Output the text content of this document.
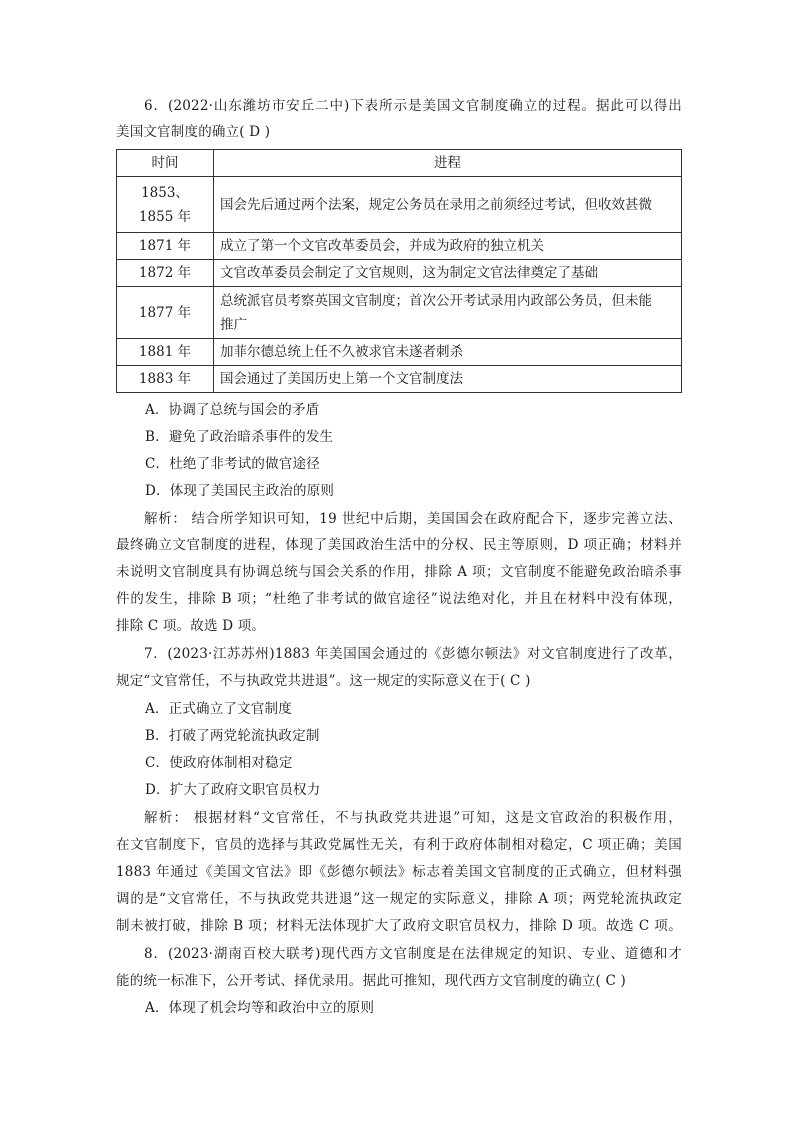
6．(2022·山东潍坊市安丘二中)下表所示是美国文官制度确立的过程。据此可以得出
美国文官制度的确立( D )
时间	进程

1853、
1855 年	国会先后通过两个法案，规定公务员在录用之前须经过考试，但收效甚微
1871 年	成立了第一个文官改革委员会，并成为政府的独立机关
1872 年	文官改革委员会制定了文官规则，这为制定文官法律奠定了基础
1877 年	总统派官员考察英国文官制度；首次公开考试录用内政部公务员，但未能
推广

1881 年	加菲尔德总统上任不久被求官未遂者刺杀
1883 年	国会通过了美国历史上第一个文官制度法
A．协调了总统与国会的矛盾
B．避免了政治暗杀事件的发生
C．杜绝了非考试的做官途径
D．体现了美国民主政治的原则
解析： 结合所学知识可知，19 世纪中后期，美国国会在政府配合下，逐步完善立法、
最终确立文官制度的进程，体现了美国政治生活中的分权、民主等原则，D 项正确；材料并
未说明文官制度具有协调总统与国会关系的作用，排除 A 项；文官制度不能避免政治暗杀事
件的发生，排除 B 项；“杜绝了非考试的做官途径”说法绝对化，并且在材料中没有体现，
排除 C 项。故选 D 项。
7．(2023·江苏苏州)1883 年美国国会通过的《彭德尔顿法》对文官制度进行了改革，
规定“文官常任，不与执政党共进退”。这一规定的实际意义在于( C )
A．正式确立了文官制度
B．打破了两党轮流执政定制
C．使政府体制相对稳定
D．扩大了政府文职官员权力
解析： 根据材料“文官常任，不与执政党共进退”可知，这是文官政治的积极作用，
在文官制度下，官员的选择与其政党属性无关，有利于政府体制相对稳定，C 项正确；美国
1883 年通过《美国文官法》即《彭德尔顿法》标志着美国文官制度的正式确立，但材料强
调的是“文官常任，不与执政党共进退”这一规定的实际意义，排除 A 项；两党轮流执政定
制未被打破，排除 B 项；材料无法体现扩大了政府文职官员权力，排除 D 项。故选 C 项。
8．(2023·湖南百校大联考)现代西方文官制度是在法律规定的知识、专业、道德和才
能的统一标准下，公开考试、择优录用。据此可推知，现代西方文官制度的确立( C )
A．体现了机会均等和政治中立的原则
